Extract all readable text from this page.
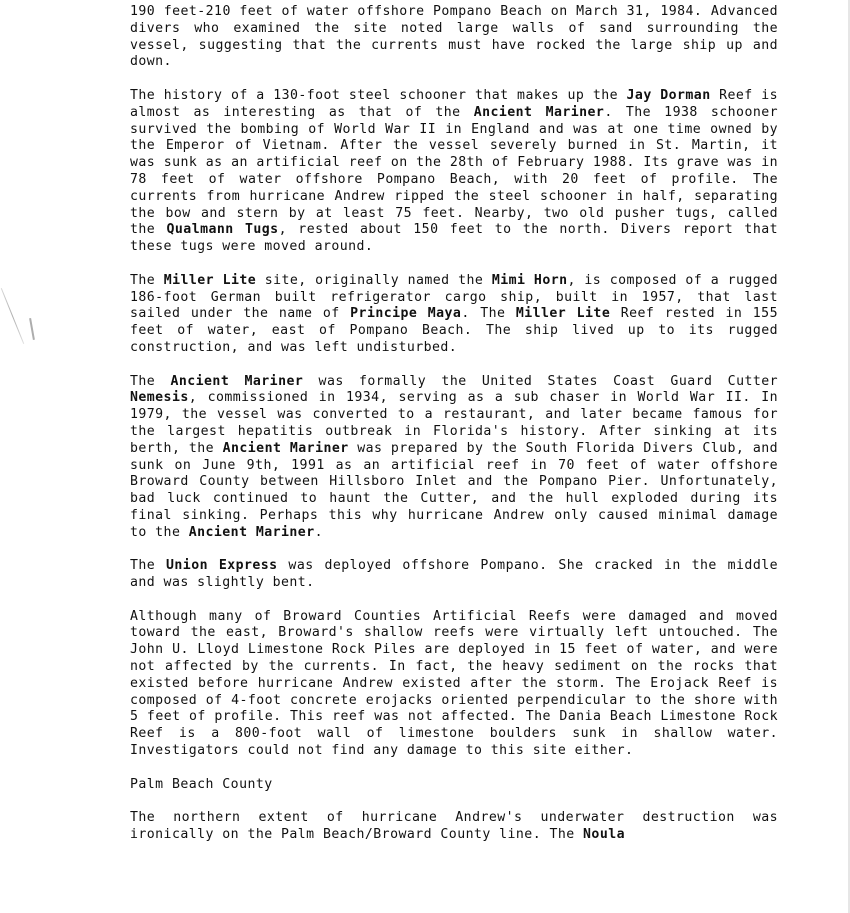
190 feet-210 feet of water offshore Pompano Beach on March 31, 1984. Advanced divers who examined the site noted large walls of sand surrounding the vessel, suggesting that the currents must have rocked the large ship up and down.

The history of a 130-foot steel schooner that makes up the Jay Dorman Reef is almost as interesting as that of the Ancient Mariner. The 1938 schooner survived the bombing of World War II in England and was at one time owned by the Emperor of Vietnam. After the vessel severely burned in St. Martin, it was sunk as an artificial reef on the 28th of February 1988. Its grave was in 78 feet of water offshore Pompano Beach, with 20 feet of profile. The currents from hurricane Andrew ripped the steel schooner in half, separating the bow and stern by at least 75 feet. Nearby, two old pusher tugs, called the Qualmann Tugs, rested about 150 feet to the north. Divers report that these tugs were moved around.

The Miller Lite site, originally named the Mimi Horn, is composed of a rugged 186-foot German built refrigerator cargo ship, built in 1957, that last sailed under the name of Principe Maya. The Miller Lite Reef rested in 155 feet of water, east of Pompano Beach. The ship lived up to its rugged construction, and was left undisturbed.

The Ancient Mariner was formally the United States Coast Guard Cutter Nemesis, commissioned in 1934, serving as a sub chaser in World War II. In 1979, the vessel was converted to a restaurant, and later became famous for the largest hepatitis outbreak in Florida's history. After sinking at its berth, the Ancient Mariner was prepared by the South Florida Divers Club, and sunk on June 9th, 1991 as an artificial reef in 70 feet of water offshore Broward County between Hillsboro Inlet and the Pompano Pier. Unfortunately, bad luck continued to haunt the Cutter, and the hull exploded during its final sinking. Perhaps this why hurricane Andrew only caused minimal damage to the Ancient Mariner.

The Union Express was deployed offshore Pompano. She cracked in the middle and was slightly bent.

Although many of Broward Counties Artificial Reefs were damaged and moved toward the east, Broward's shallow reefs were virtually left untouched. The John U. Lloyd Limestone Rock Piles are deployed in 15 feet of water, and were not affected by the currents. In fact, the heavy sediment on the rocks that existed before hurricane Andrew existed after the storm. The Erojack Reef is composed of 4-foot concrete erojacks oriented perpendicular to the shore with 5 feet of profile. This reef was not affected. The Dania Beach Limestone Rock Reef is a 800-foot wall of limestone boulders sunk in shallow water. Investigators could not find any damage to this site either.

Palm Beach County

The northern extent of hurricane Andrew's underwater destruction was ironically on the Palm Beach/Broward County line. The Noula
